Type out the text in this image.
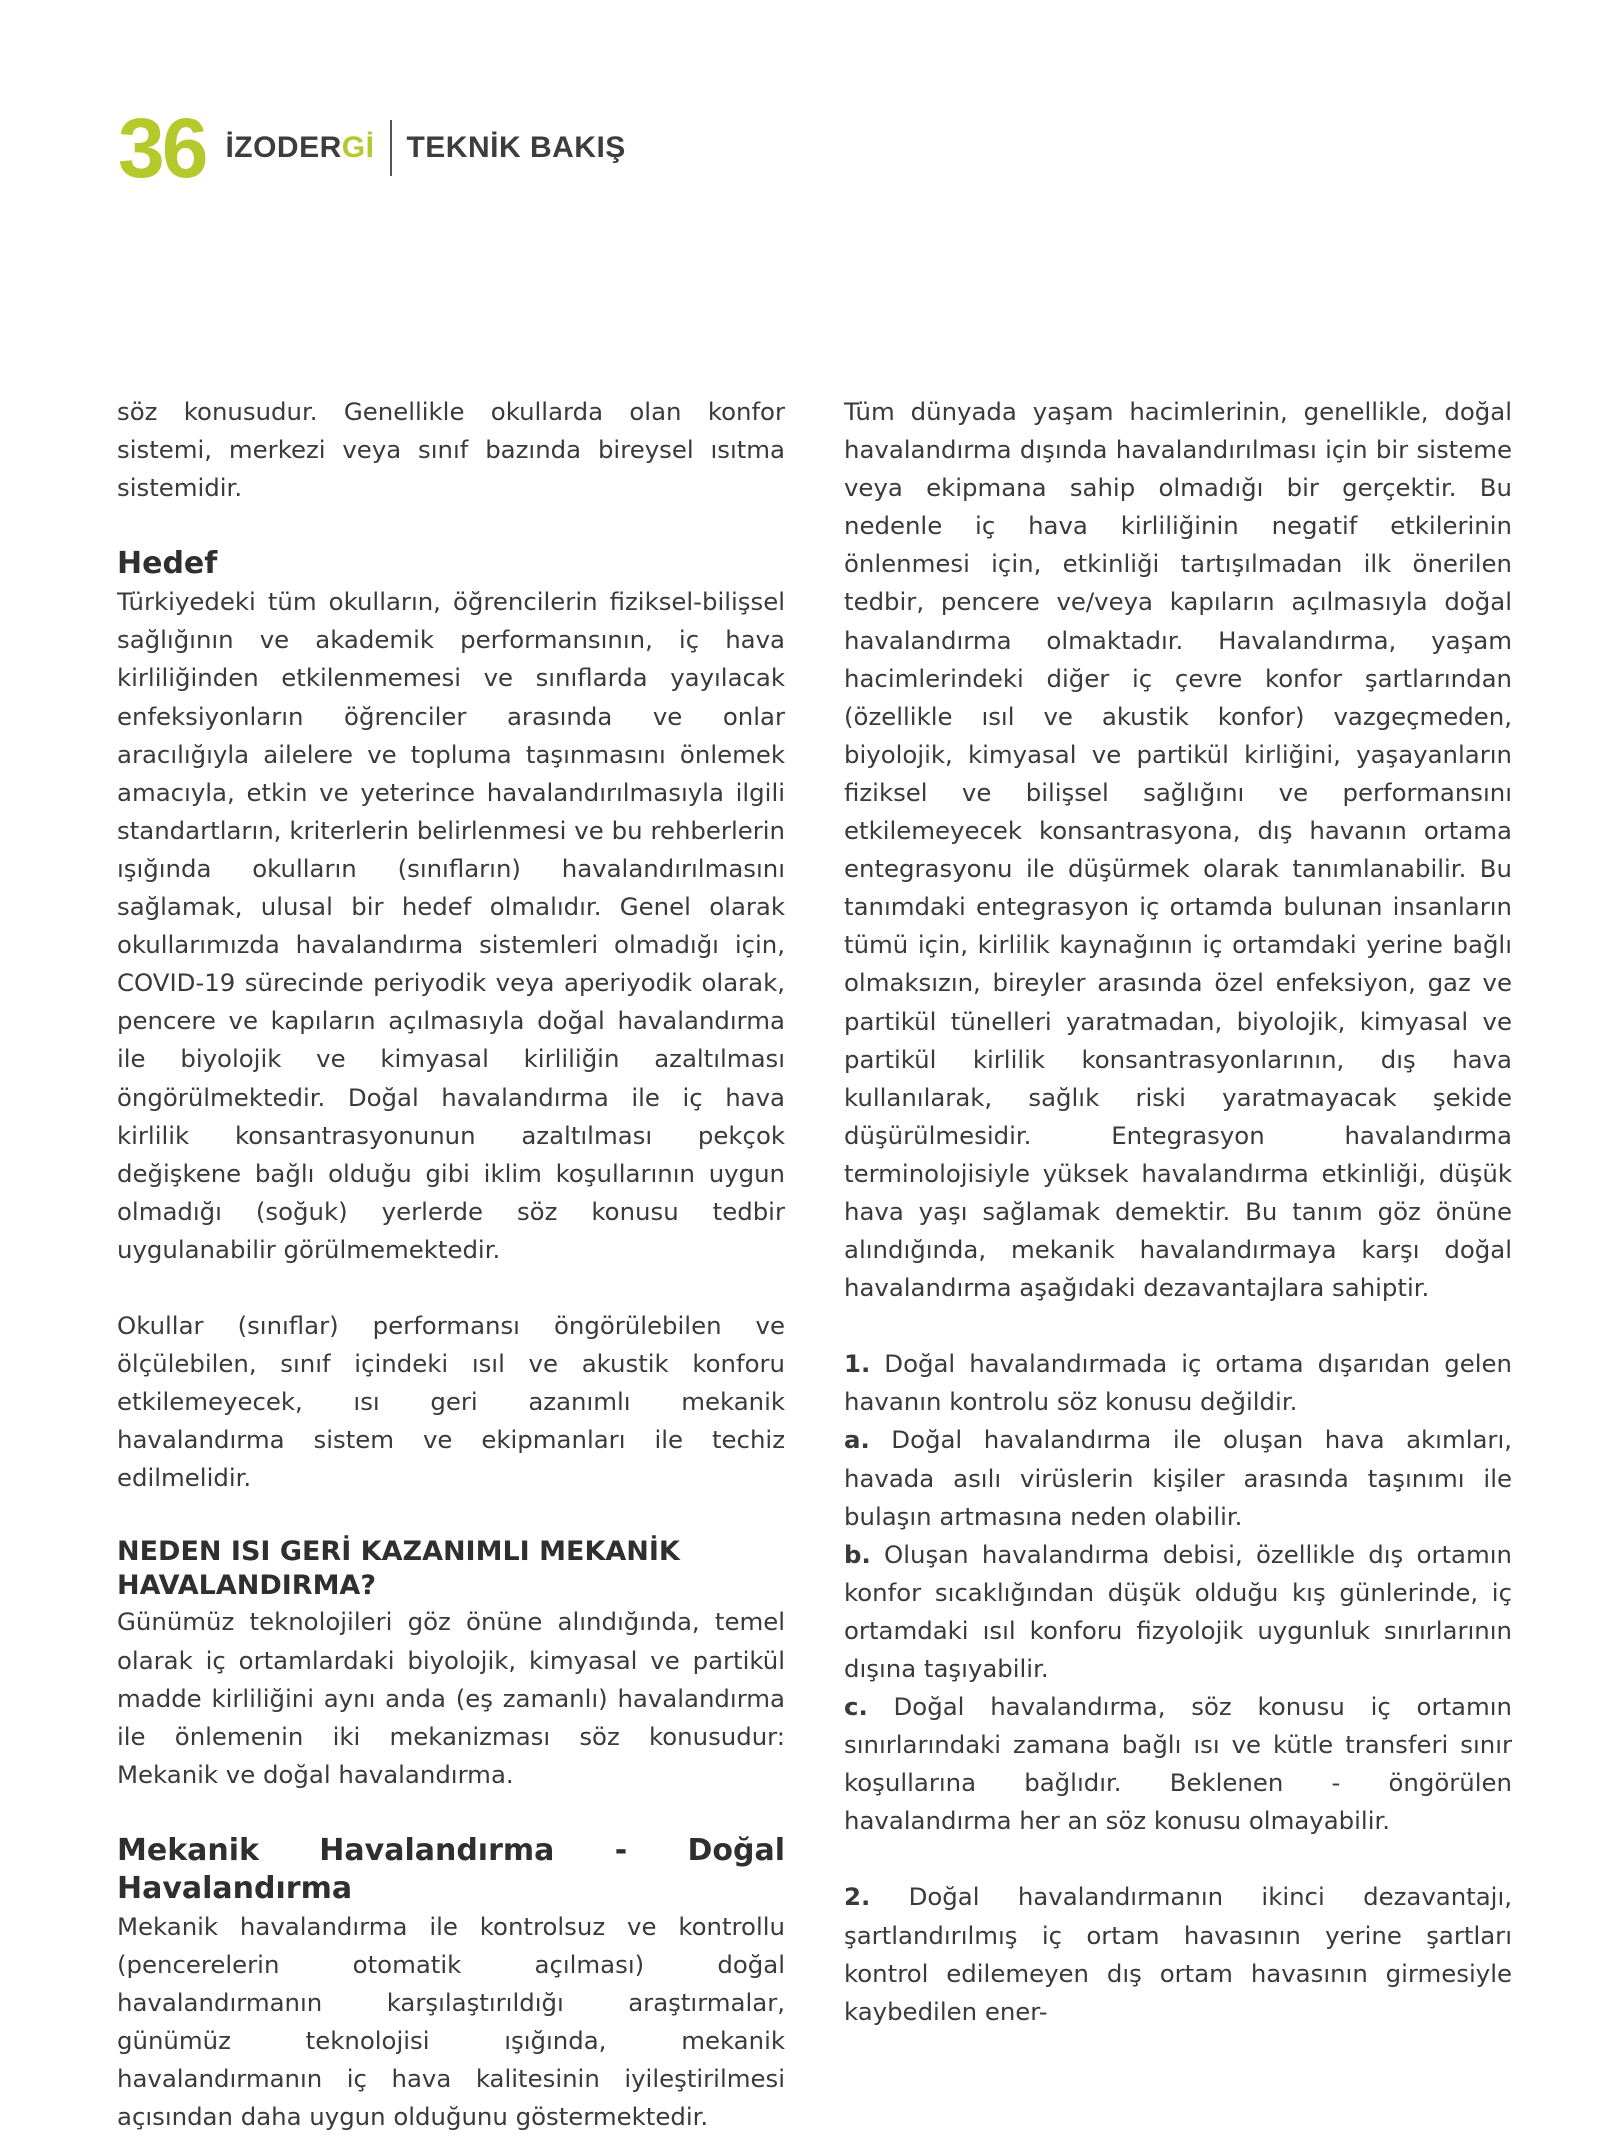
36 İZODERGİ TEKNİK BAKIŞ

söz konusudur. Genellikle okullarda olan konfor sistemi, merkezi veya sınıf bazında bireysel ısıtma sistemidir.

Hedef

Türkiyedeki tüm okulların, öğrencilerin fiziksel-bilişsel sağlığının ve akademik performansının, iç hava kirliliğinden etkilenmemesi ve sınıflarda yayılacak enfeksiyonların öğrenciler arasında ve onlar aracılığıyla ailelere ve topluma taşınmasını önlemek amacıyla, etkin ve yeterince havalandırılmasıyla ilgili standartların, kriterlerin belirlenmesi ve bu rehberlerin ışığında okulların (sınıfların) havalandırılmasını sağlamak, ulusal bir hedef olmalıdır. Genel olarak okullarımızda havalandırma sistemleri olmadığı için, COVID-19 sürecinde periyodik veya aperiyodik olarak, pencere ve kapıların açılmasıyla doğal havalandırma ile biyolojik ve kimyasal kirliliğin azaltılması öngörülmektedir. Doğal havalandırma ile iç hava kirlilik konsantrasyonunun azaltılması pekçok değişkene bağlı olduğu gibi iklim koşullarının uygun olmadığı (soğuk) yerlerde söz konusu tedbir uygulanabilir görülmemektedir.

Okullar (sınıflar) performansı öngörülebilen ve ölçülebilen, sınıf içindeki ısıl ve akustik konforu etkilemeyecek, ısı geri azanımlı mekanik havalandırma sistem ve ekipmanları ile techiz edilmelidir.

NEDEN ISI GERİ KAZANIMLI MEKANİK HAVALANDIRMA?

Günümüz teknolojileri göz önüne alındığında, temel olarak iç ortamlardaki biyolojik, kimyasal ve partikül madde kirliliğini aynı anda (eş zamanlı) havalandırma ile önlemenin iki mekanizması söz konusudur: Mekanik ve doğal havalandırma.

Mekanik Havalandırma - Doğal Havalandırma

Mekanik havalandırma ile kontrolsuz ve kontrollu (pencerelerin otomatik açılması) doğal havalandırmanın karşılaştırıldığı araştırmalar, günümüz teknolojisi ışığında, mekanik havalandırmanın iç hava kalitesinin iyileştirilmesi açısından daha uygun olduğunu göstermektedir.

Tüm dünyada yaşam hacimlerinin, genellikle, doğal havalandırma dışında havalandırılması için bir sisteme veya ekipmana sahip olmadığı bir gerçektir. Bu nedenle iç hava kirliliğinin negatif etkilerinin önlenmesi için, etkinliği tartışılmadan ilk önerilen tedbir, pencere ve/veya kapıların açılmasıyla doğal havalandırma olmaktadır. Havalandırma, yaşam hacimlerindeki diğer iç çevre konfor şartlarından (özellikle ısıl ve akustik konfor) vazgeçmeden, biyolojik, kimyasal ve partikül kirliğini, yaşayanların fiziksel ve bilişsel sağlığını ve performansını etkilemeyecek konsantrasyona, dış havanın ortama entegrasyonu ile düşürmek olarak tanımlanabilir. Bu tanımdaki entegrasyon iç ortamda bulunan insanların tümü için, kirlilik kaynağının iç ortamdaki yerine bağlı olmaksızın, bireyler arasında özel enfeksiyon, gaz ve partikül tünelleri yaratmadan, biyolojik, kimyasal ve partikül kirlilik konsantrasyonlarının, dış hava kullanılarak, sağlık riski yaratmayacak şekide düşürülmesidir. Entegrasyon havalandırma terminolojisiyle yüksek havalandırma etkinliği, düşük hava yaşı sağlamak demektir. Bu tanım göz önüne alındığında, mekanik havalandırmaya karşı doğal havalandırma aşağıdaki dezavantajlara sahiptir.

1. Doğal havalandırmada iç ortama dışarıdan gelen havanın kontrolu söz konusu değildir.

a. Doğal havalandırma ile oluşan hava akımları, havada asılı virüslerin kişiler arasında taşınımı ile bulaşın artmasına neden olabilir.

b. Oluşan havalandırma debisi, özellikle dış ortamın konfor sıcaklığından düşük olduğu kış günlerinde, iç ortamdaki ısıl konforu fizyolojik uygunluk sınırlarının dışına taşıyabilir.

c. Doğal havalandırma, söz konusu iç ortamın sınırlarındaki zamana bağlı ısı ve kütle transferi sınır koşullarına bağlıdır. Beklenen - öngörülen havalandırma her an söz konusu olmayabilir.

2. Doğal havalandırmanın ikinci dezavantajı, şartlandırılmış iç ortam havasının yerine şartları kontrol edilemeyen dış ortam havasının girmesiyle kaybedilen ener-
